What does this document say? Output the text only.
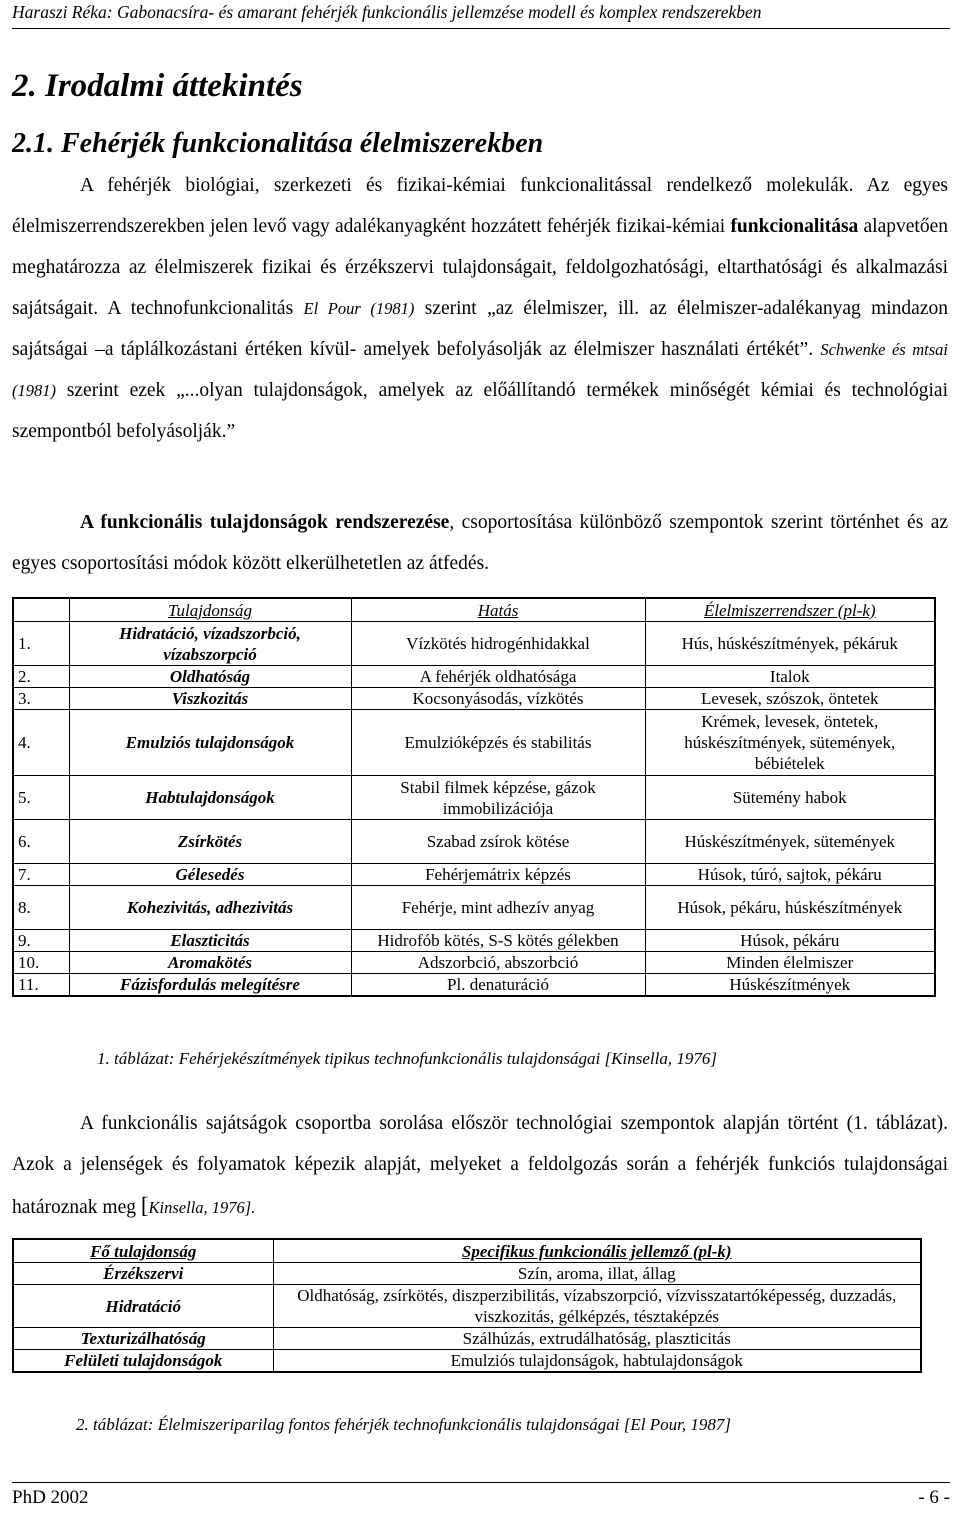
Haraszi Réka: Gabonacsíra- és amarant fehérjék funkcionális jellemzése modell és komplex rendszerekben
2. Irodalmi áttekintés
2.1. Fehérjék funkcionalitása élelmiszerekben
A fehérjék biológiai, szerkezeti és fizikai-kémiai funkcionalitással rendelkező molekulák. Az egyes élelmiszerrendszerekben jelen levő vagy adalékanyagként hozzátett fehérjék fizikai-kémiai funkcionalitása alapvetően meghatározza az élelmiszerek fizikai és érzékszervi tulajdonságait, feldolgozhatósági, eltarthatósági és alkalmazási sajátságait. A technofunkcionalitás El Pour (1981) szerint „az élelmiszer, ill. az élelmiszer-adalékanyag mindazon sajátságai –a táplálkozástani értéken kívül- amelyek befolyásolják az élelmiszer használati értékét”. Schwenke és mtsai (1981) szerint ezek „...olyan tulajdonságok, amelyek az előállítandó termékek minőségét kémiai és technológiai szempontból befolyásolják.”
A funkcionális tulajdonságok rendszerezése, csoportosítása különböző szempontok szerint történhet és az egyes csoportosítási módok között elkerülhetetlen az átfedés.
	Tulajdonság	Hatás	Élelmiszerrendszer (pl-k)
1.	Hidratáció, vízadszorbció, vízabszorpció	Vízkötés hidrogénhidakkal	Hús, húskészítmények, pékáruk
2.	Oldhatóság	A fehérjék oldhatósága	Italok
3.	Viszkozitás	Kocsonyásodás, vízkötés	Levesek, szószok, öntetek
4.	Emulziós tulajdonságok	Emulzióképzés és stabilitás	Krémek, levesek, öntetek, húskészítmények, sütemények, bébiételek
5.	Habtulajdonságok	Stabil filmek képzése, gázok immobilizációja	Sütemény habok
6.	Zsírkötés	Szabad zsírok kötése	Húskészítmények, sütemények
7.	Gélesedés	Fehérjemátrix képzés	Húsok, túró, sajtok, pékáru
8.	Kohezivitás, adhezivitás	Fehérje, mint adhezív anyag	Húsok, pékáru, húskészítmények
9.	Elaszticitás	Hidrofób kötés, S-S kötés gélekben	Húsok, pékáru
10.	Aromakötés	Adszorbció, abszorbció	Minden élelmiszer
11.	Fázisfordulás melegítésre	Pl. denaturáció	Húskészítmények
1. táblázat: Fehérjekészítmények tipikus technofunkcionális tulajdonságai [Kinsella, 1976]
A funkcionális sajátságok csoportba sorolása először technológiai szempontok alapján történt (1. táblázat). Azok a jelenségek és folyamatok képezik alapját, melyeket a feldolgozás során a fehérjék funkciós tulajdonságai határoznak meg [Kinsella, 1976].
Fő tulajdonság	Specifikus funkcionális jellemző (pl-k)
Érzékszervi	Szín, aroma, illat, állag
Hidratáció	Oldhatóság, zsírkötés, diszperzibilitás, vízabszorpció, vízvisszatartóképesség, duzzadás, viszkozitás, gélképzés, tésztaképzés
Texturizálhatóság	Szálhúzás, extrudálhatóság, plaszticitás
Felületi tulajdonságok	Emulziós tulajdonságok, habtulajdonságok
2. táblázat: Élelmiszeriparilag fontos fehérjék technofunkcionális tulajdonságai [El Pour, 1987]
PhD 2002	- 6 -
